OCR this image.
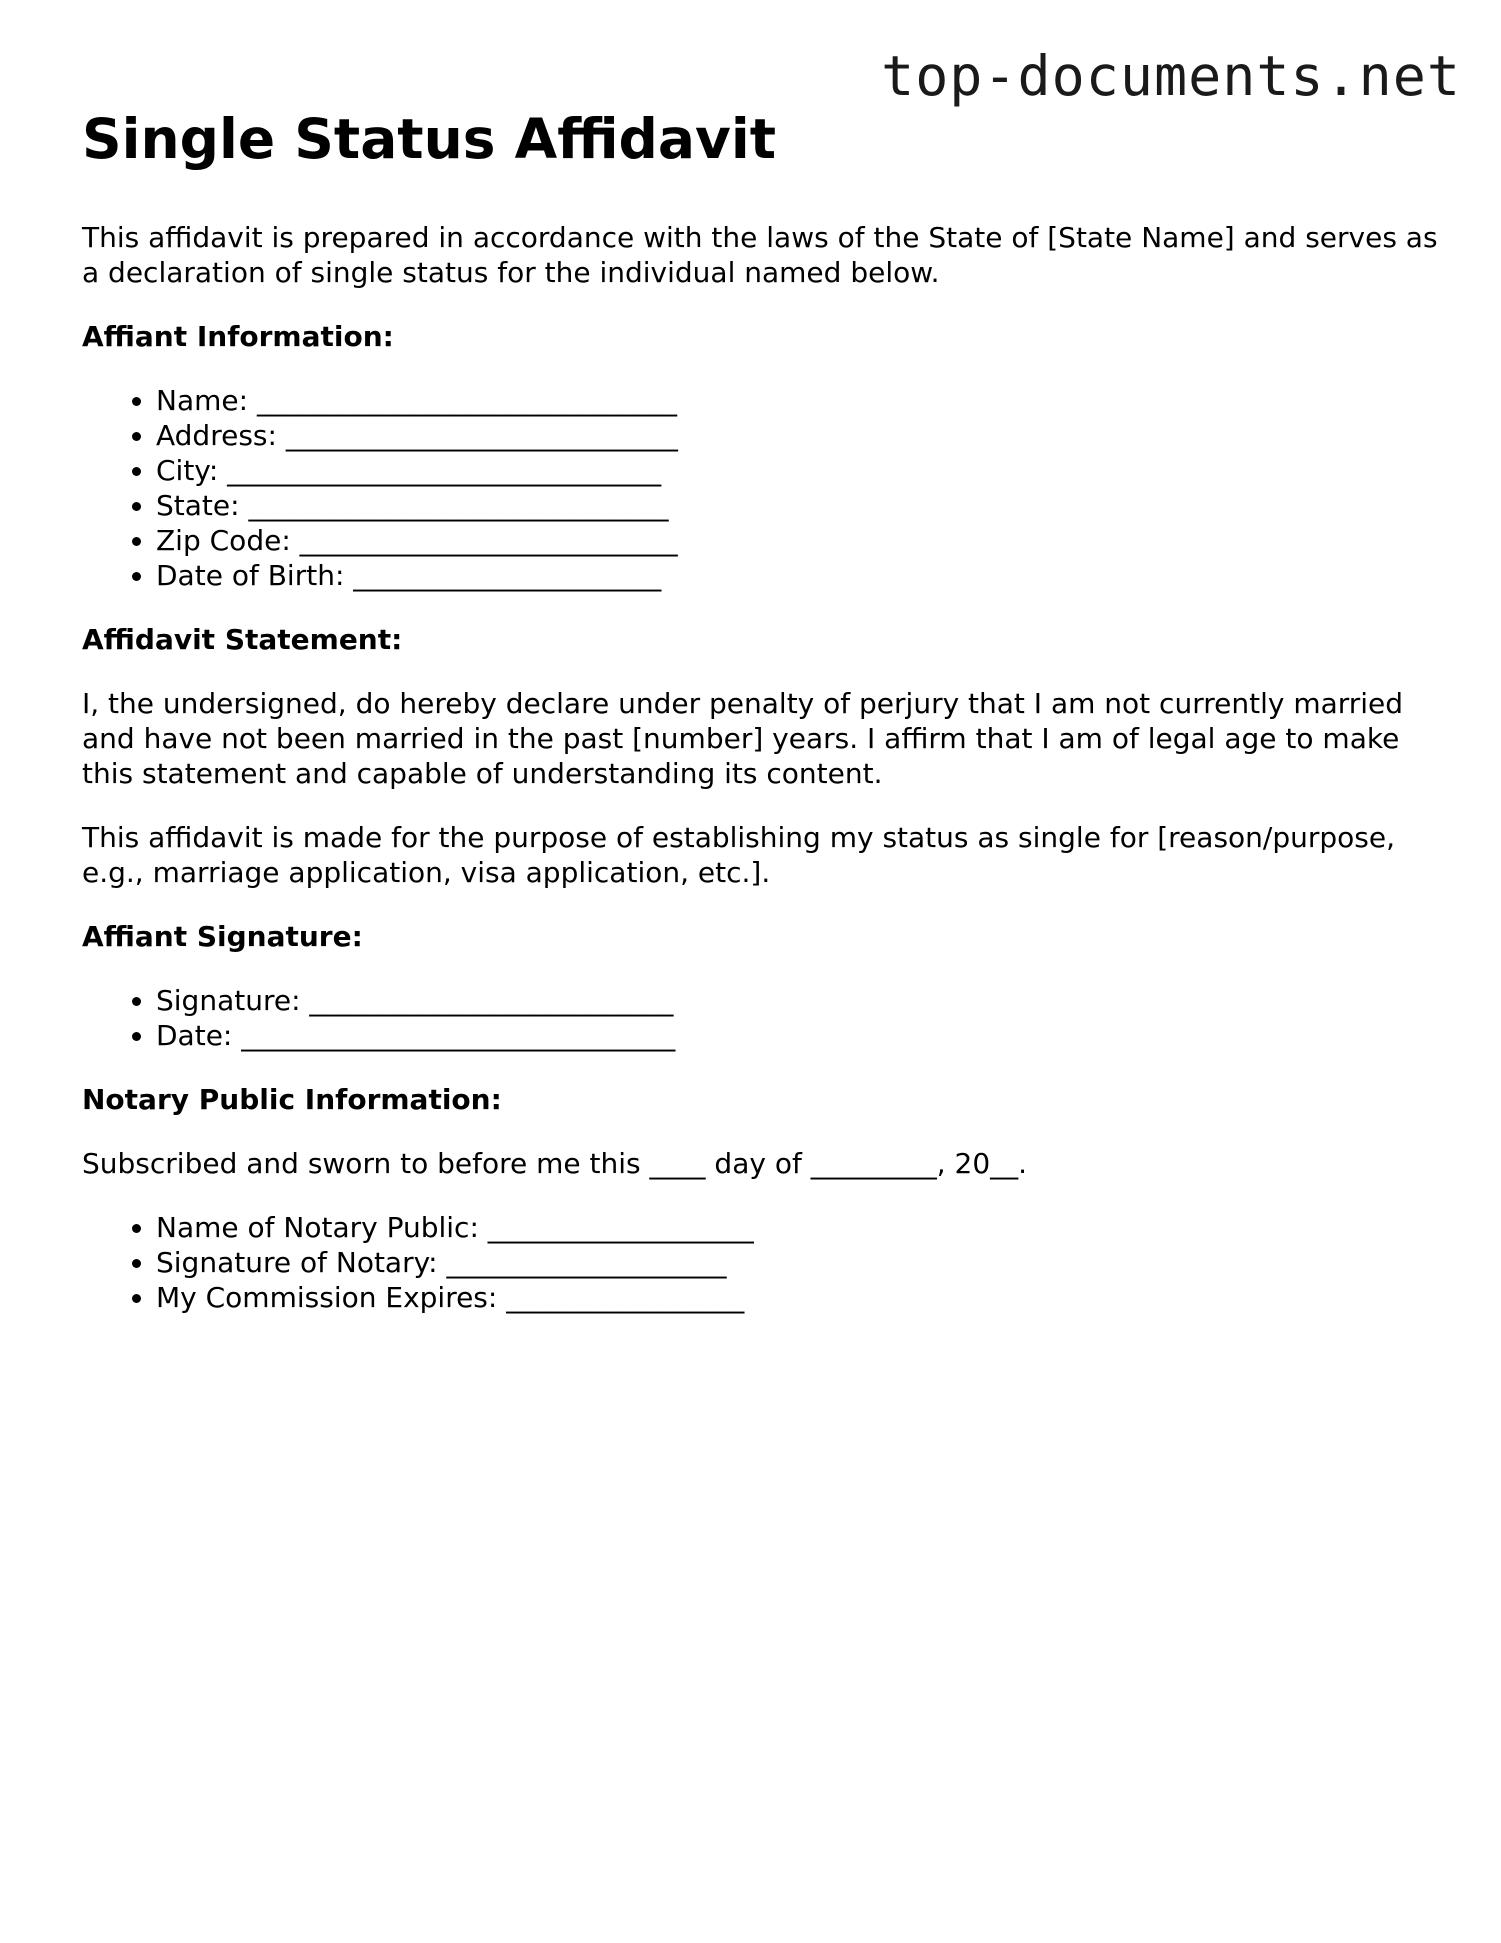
top-documents.net
Single Status Affidavit

This affidavit is prepared in accordance with the laws of the State of [State Name] and serves as a declaration of single status for the individual named below.

Affiant Information:
• Name: ______________________________
• Address: ____________________________
• City: _______________________________
• State: ______________________________
• Zip Code: ___________________________
• Date of Birth: ______________________
Affidavit Statement:

I, the undersigned, do hereby declare under penalty of perjury that I am not currently married and have not been married in the past [number] years. I affirm that I am of legal age to make this statement and capable of understanding its content.

This affidavit is made for the purpose of establishing my status as single for [reason/purpose, e.g., marriage application, visa application, etc.].

Affiant Signature:
• Signature: __________________________
• Date: _______________________________
Notary Public Information:

Subscribed and sworn to before me this ____ day of _________, 20__.

• Name of Notary Public: ___________________
• Signature of Notary: ____________________
• My Commission Expires: _________________
